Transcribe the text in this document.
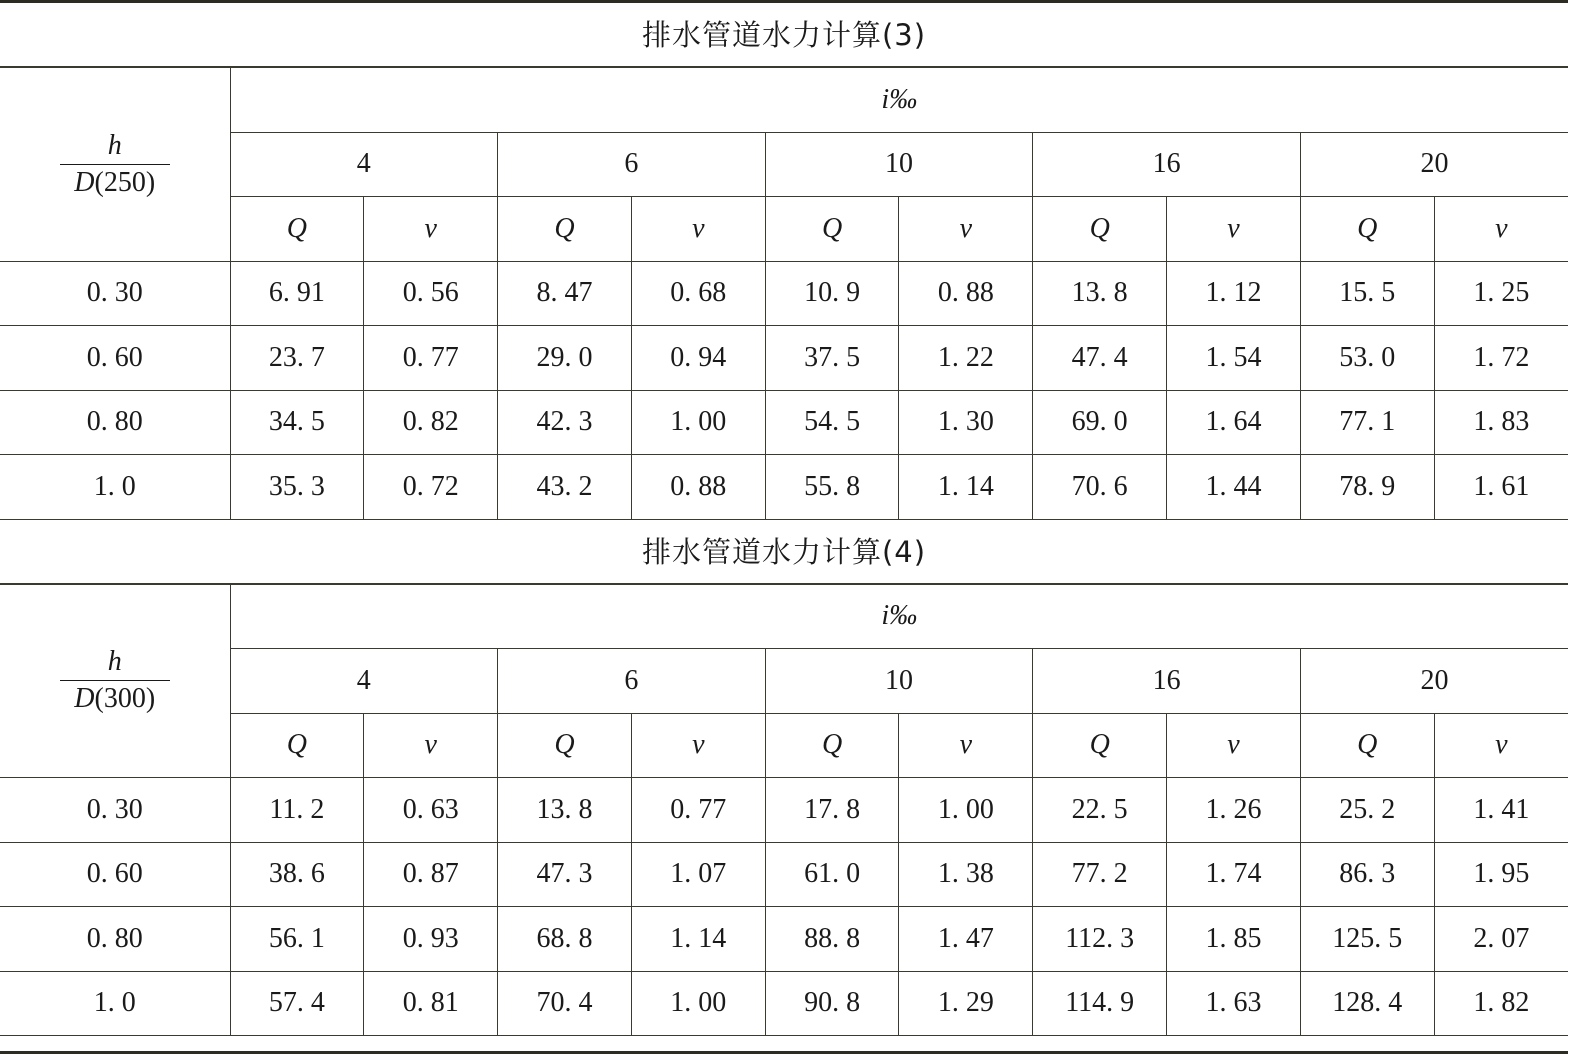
排水管道水力计算(3)
$\frac{h}{D(250)}$	i‰									
	4		6		10		16		20	
	Q	v	Q	v	Q	v	Q	v	Q	v
0. 30	6. 91	0. 56	8. 47	0. 68	10. 9	0. 88	13. 8	1. 12	15. 5	1. 25
0. 60	23. 7	0. 77	29. 0	0. 94	37. 5	1. 22	47. 4	1. 54	53. 0	1. 72
0. 80	34. 5	0. 82	42. 3	1. 00	54. 5	1. 30	69. 0	1. 64	77. 1	1. 83
1. 0	35. 3	0. 72	43. 2	0. 88	55. 8	1. 14	70. 6	1. 44	78. 9	1. 61
排水管道水力计算(4)
$\frac{h}{D(300)}$	i‰									
	4		6		10		16		20	
	Q	v	Q	v	Q	v	Q	v	Q	v
0. 30	11. 2	0. 63	13. 8	0. 77	17. 8	1. 00	22. 5	1. 26	25. 2	1. 41
0. 60	38. 6	0. 87	47. 3	1. 07	61. 0	1. 38	77. 2	1. 74	86. 3	1. 95
0. 80	56. 1	0. 93	68. 8	1. 14	88. 8	1. 47	112. 3	1. 85	125. 5	2. 07
1. 0	57. 4	0. 81	70. 4	1. 00	90. 8	1. 29	114. 9	1. 63	128. 4	1. 82
